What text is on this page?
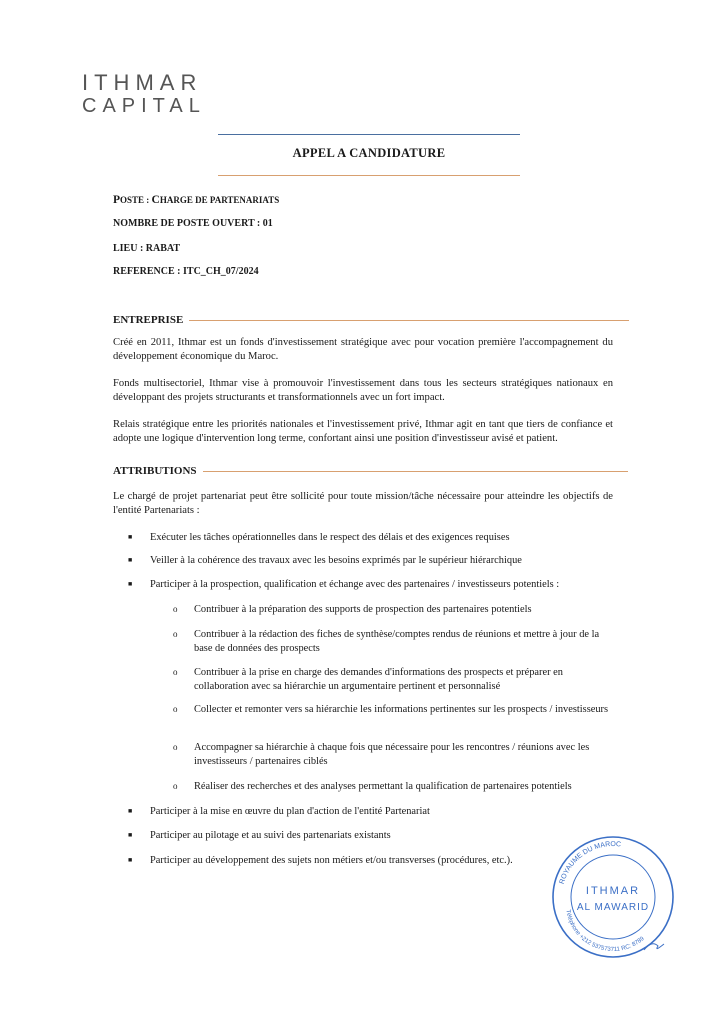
ITHMAR
CAPITAL
APPEL A CANDIDATURE
POSTE : CHARGE DE PARTENARIATS
NOMBRE DE POSTE OUVERT : 01
LIEU : RABAT
REFERENCE : ITC_CH_07/2024
ENTREPRISE
Créé en 2011, Ithmar est un fonds d'investissement stratégique avec pour vocation première l'accompagnement du développement économique du Maroc.
Fonds multisectoriel, Ithmar vise à promouvoir l'investissement dans tous les secteurs stratégiques nationaux en développant des projets structurants et transformationnels avec un fort impact.
Relais stratégique entre les priorités nationales et l'investissement privé, Ithmar agit en tant que tiers de confiance et adopte une logique d'intervention long terme, confortant ainsi une position d'investisseur avisé et patient.
ATTRIBUTIONS
Le chargé de projet partenariat peut être sollicité pour toute mission/tâche nécessaire pour atteindre les objectifs de l'entité Partenariats :
■	Exécuter les tâches opérationnelles dans le respect des délais et des exigences requises
■	Veiller à la cohérence des travaux avec les besoins exprimés par le supérieur hiérarchique
■	Participer à la prospection, qualification et échange avec des partenaires / investisseurs potentiels :
o	Contribuer à la préparation des supports de prospection des partenaires potentiels
o	Contribuer à la rédaction des fiches de synthèse/comptes rendus de réunions et mettre à jour de la base de données des prospects
o	Contribuer à la prise en charge des demandes d'informations des prospects et préparer en collaboration avec sa hiérarchie un argumentaire pertinent et personnalisé
o	Collecter et remonter vers sa hiérarchie les informations pertinentes sur les prospects / investisseurs
o	Accompagner sa hiérarchie à chaque fois que nécessaire pour les rencontres / réunions avec les investisseurs / partenaires ciblés
o	Réaliser des recherches et des analyses permettant la qualification de partenaires potentiels
■	Participer à la mise en œuvre du plan d'action de l'entité Partenariat
■	Participer au pilotage et au suivi des partenariats existants
■	Participer au développement des sujets non métiers et/ou transverses (procédures, etc.).
ROYAUME DU MAROC
Téléphone +212 537573711 RC: 8789
ITHMAR
AL MAWARID
